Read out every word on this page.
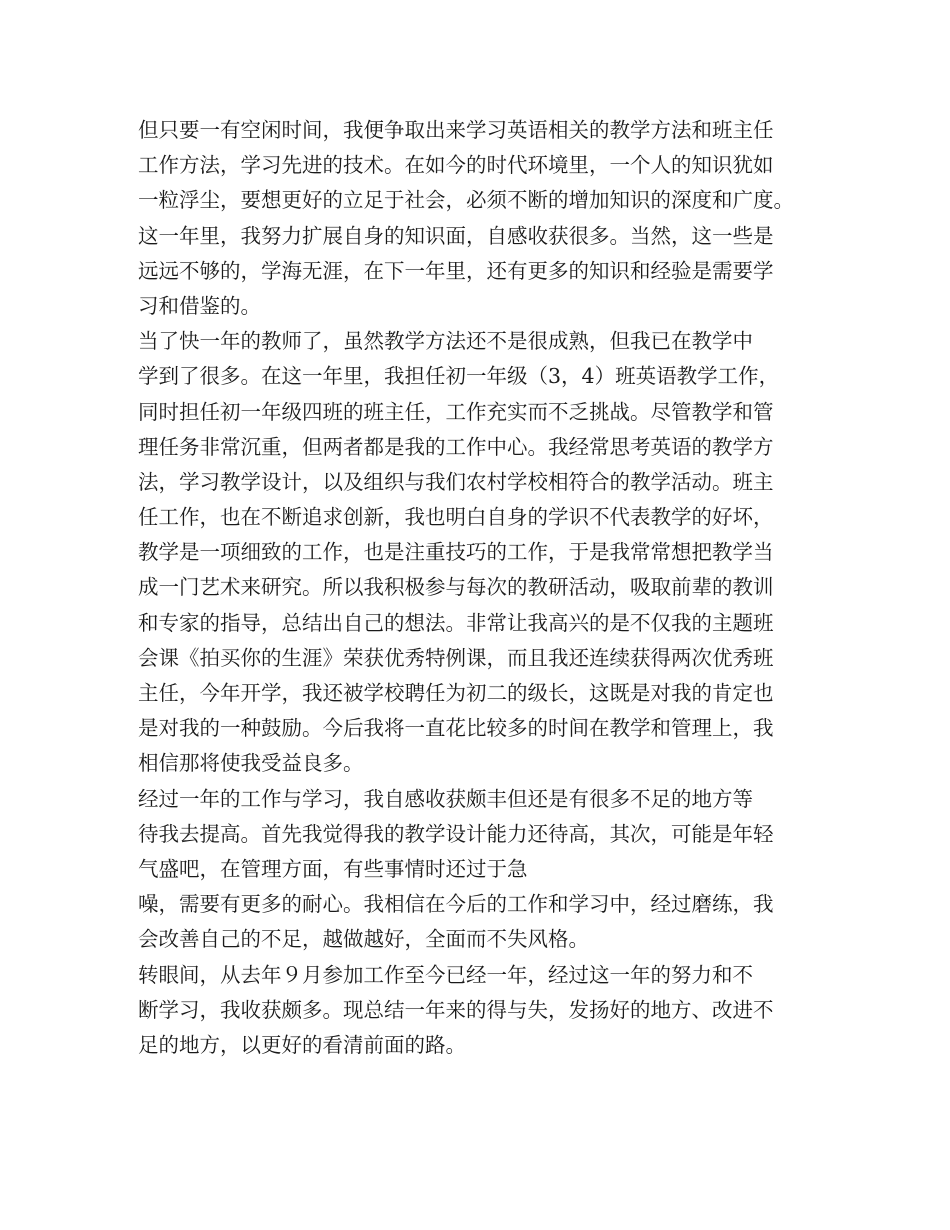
但只要一有空闲时间，我便争取出来学习英语相关的教学方法和班主任
工作方法，学习先进的技术。在如今的时代环境里，一个人的知识犹如
一粒浮尘，要想更好的立足于社会，必须不断的增加知识的深度和广度。
这一年里，我努力扩展自身的知识面，自感收获很多。当然，这一些是
远远不够的，学海无涯，在下一年里，还有更多的知识和经验是需要学
习和借鉴的。
当了快一年的教师了，虽然教学方法还不是很成熟，但我已在教学中
学到了很多。在这一年里，我担任初一年级（3，4）班英语教学工作，
同时担任初一年级四班的班主任，工作充实而不乏挑战。尽管教学和管
理任务非常沉重，但两者都是我的工作中心。我经常思考英语的教学方
法，学习教学设计，以及组织与我们农村学校相符合的教学活动。班主
任工作，也在不断追求创新，我也明白自身的学识不代表教学的好坏，
教学是一项细致的工作，也是注重技巧的工作，于是我常常想把教学当
成一门艺术来研究。所以我积极参与每次的教研活动，吸取前辈的教训
和专家的指导，总结出自己的想法。非常让我高兴的是不仅我的主题班
会课《拍买你的生涯》荣获优秀特例课，而且我还连续获得两次优秀班
主任，今年开学，我还被学校聘任为初二的级长，这既是对我的肯定也
是对我的一种鼓励。今后我将一直花比较多的时间在教学和管理上，我
相信那将使我受益良多。
经过一年的工作与学习，我自感收获颇丰但还是有很多不足的地方等
待我去提高。首先我觉得我的教学设计能力还待高，其次，可能是年轻
气盛吧，在管理方面，有些事情时还过于急
噪，需要有更多的耐心。我相信在今后的工作和学习中，经过磨练，我
会改善自己的不足，越做越好，全面而不失风格。
转眼间，从去年９月参加工作至今已经一年，经过这一年的努力和不
断学习，我收获颇多。现总结一年来的得与失，发扬好的地方、改进不
足的地方，以更好的看清前面的路。
